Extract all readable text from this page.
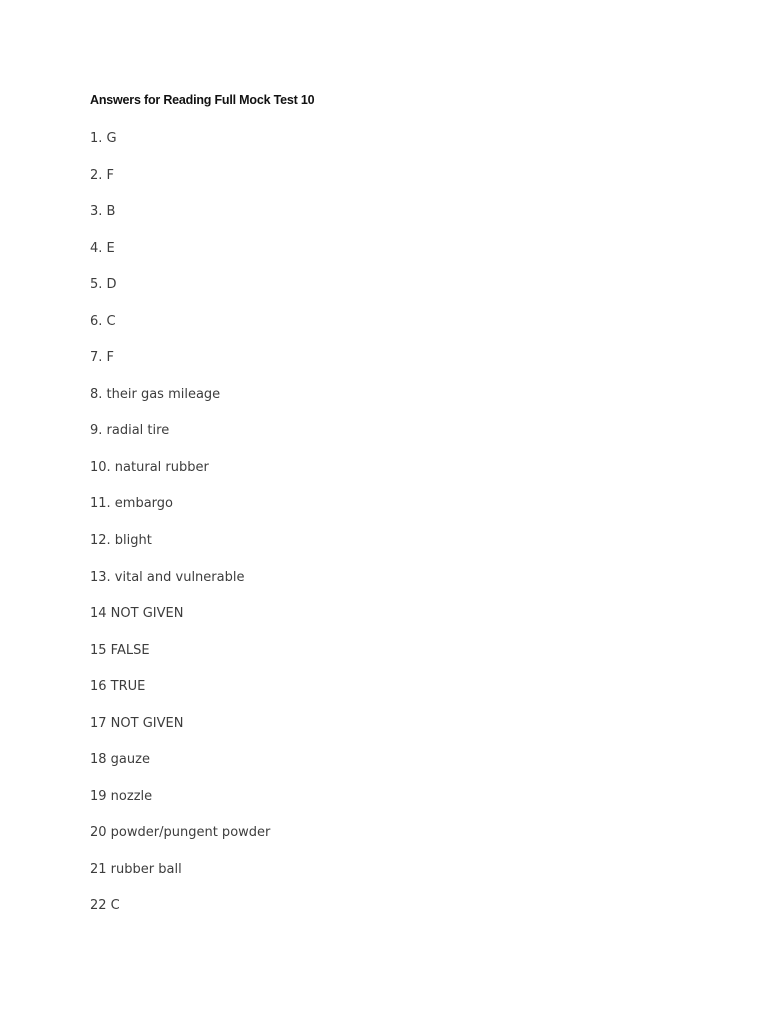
Answers for Reading Full Mock Test 10
1. G
2. F
3. B
4. E
5. D
6. C
7. F
8. their gas mileage
9. radial tire
10. natural rubber
11. embargo
12. blight
13. vital and vulnerable
14 NOT GIVEN
15 FALSE
16 TRUE
17 NOT GIVEN
18 gauze
19 nozzle
20 powder/pungent powder
21 rubber ball
22 C
